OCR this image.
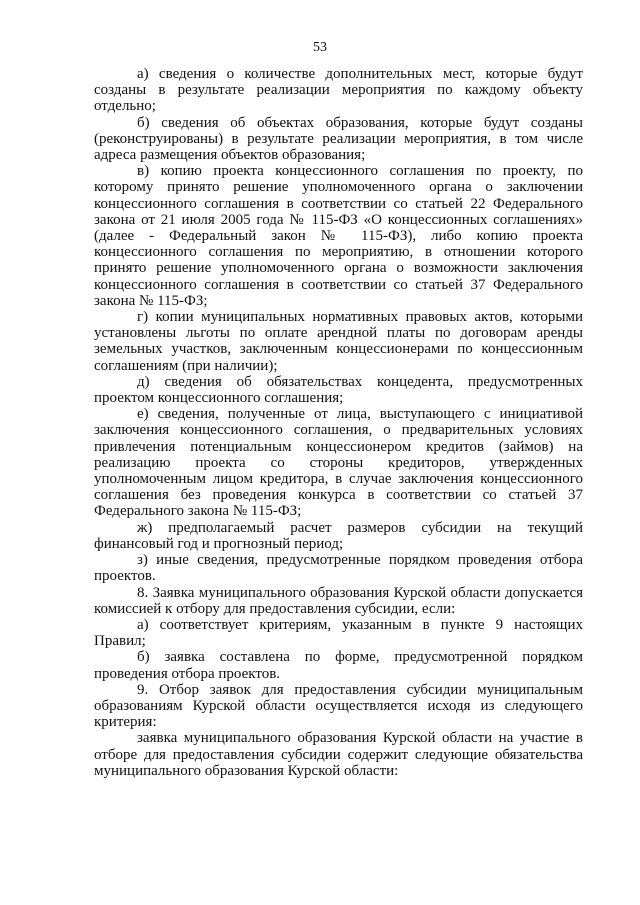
53

а) сведения о количестве дополнительных мест, которые будут созданы в результате реализации мероприятия по каждому объекту отдельно;

б) сведения об объектах образования, которые будут созданы (реконструированы) в результате реализации мероприятия, в том числе адреса размещения объектов образования;

в) копию проекта концессионного соглашения по проекту, по которому принято решение уполномоченного органа о заключении концессионного соглашения в соответствии со статьей 22 Федерального закона от 21 июля 2005 года № 115-ФЗ «О концессионных соглашениях» (далее - Федеральный закон № 115-ФЗ), либо копию проекта концессионного соглашения по мероприятию, в отношении которого принято решение уполномоченного органа о возможности заключения концессионного соглашения в соответствии со статьей 37 Федерального закона № 115-ФЗ;

г) копии муниципальных нормативных правовых актов, которыми установлены льготы по оплате арендной платы по договорам аренды земельных участков, заключенным концессионерами по концессионным соглашениям (при наличии);

д) сведения об обязательствах концедента, предусмотренных проектом концессионного соглашения;

е) сведения, полученные от лица, выступающего с инициативой заключения концессионного соглашения, о предварительных условиях привлечения потенциальным концессионером кредитов (займов) на реализацию проекта со стороны кредиторов, утвержденных уполномоченным лицом кредитора, в случае заключения концессионного соглашения без проведения конкурса в соответствии со статьей 37 Федерального закона № 115-ФЗ;

ж) предполагаемый расчет размеров субсидии на текущий финансовый год и прогнозный период;

з) иные сведения, предусмотренные порядком проведения отбора проектов.

8. Заявка муниципального образования Курской области допускается комиссией к отбору для предоставления субсидии, если:

а) соответствует критериям, указанным в пункте 9 настоящих Правил;

б) заявка составлена по форме, предусмотренной порядком проведения отбора проектов.

9. Отбор заявок для предоставления субсидии муниципальным образованиям Курской области осуществляется исходя из следующего критерия:

заявка муниципального образования Курской области на участие в отборе для предоставления субсидии содержит следующие обязательства муниципального образования Курской области:
